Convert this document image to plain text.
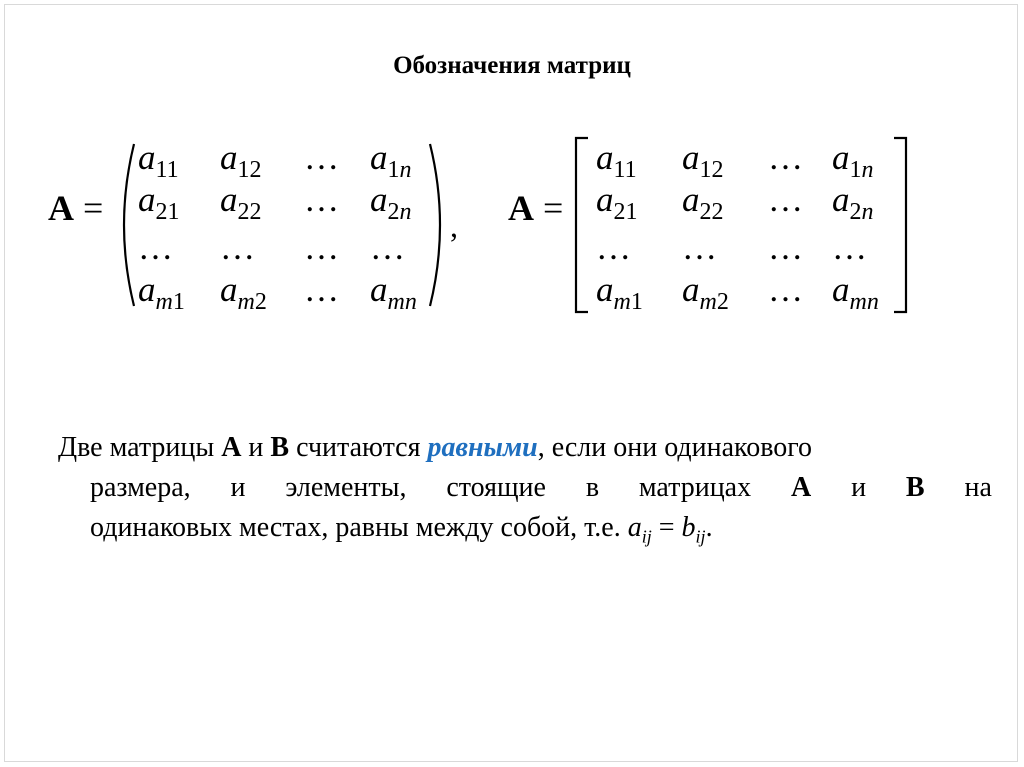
Обозначения матриц
A =
$a_{11}$ $a_{12}$ … $a_{1n}$
$a_{21}$ $a_{22}$ … $a_{2n}$
… … … …
$a_{m1}$ $a_{m2}$ … $a_{mn}$
, A =
$a_{11}$ $a_{12}$ … $a_{1n}$
$a_{21}$ $a_{22}$ … $a_{2n}$
… … … …
$a_{m1}$ $a_{m2}$ … $a_{mn}$
Две матрицы A и B считаются равными, если они одинакового
размера, и элементы, стоящие в матрицах A и B на
одинаковых местах, равны между собой, т.е. $a_{ij} = b_{ij}$.
